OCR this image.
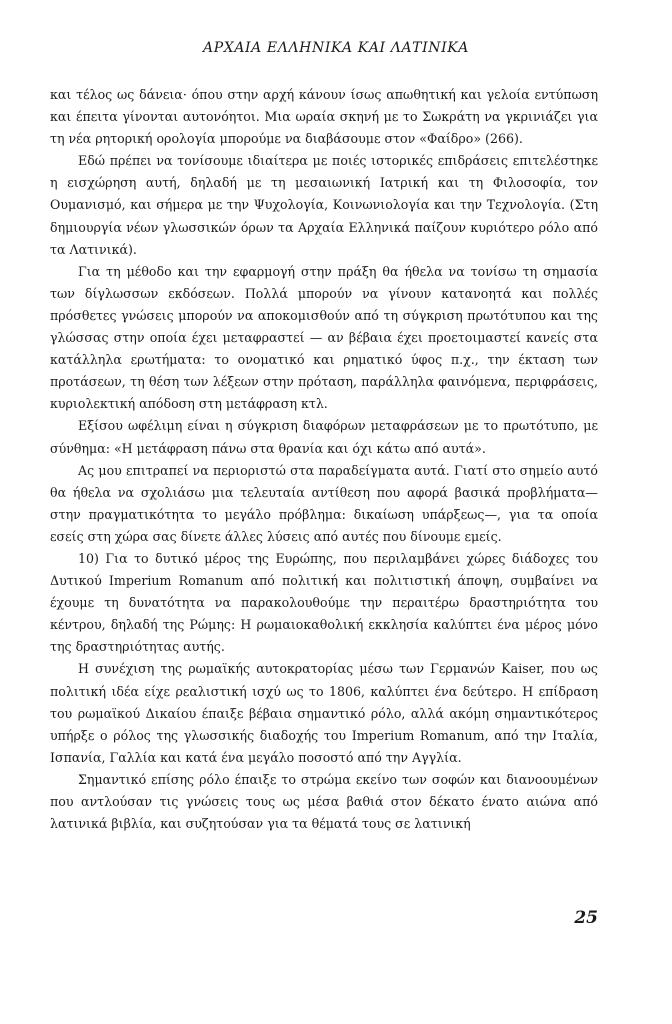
ΑΡΧΑΙΑ ΕΛΛΗΝΙΚΑ ΚΑΙ ΛΑΤΙΝΙΚΑ

και τέλος ως δάνεια· όπου στην αρχή κάνουν ίσως απωθητική και γελοία εντύπωση και έπειτα γίνονται αυτονόητοι. Μια ωραία σκηνή με το Σωκράτη να γκρινιάζει για τη νέα ρητορική ορολογία μπορούμε να διαβάσουμε στον «Φαίδρο» (266).

Εδώ πρέπει να τονίσουμε ιδιαίτερα με ποιές ιστορικές επιδράσεις επιτελέστηκε η εισχώρηση αυτή, δηλαδή με τη μεσαιωνική Ιατρική και τη Φιλοσοφία, τον Ουμανισμό, και σήμερα με την Ψυχολογία, Κοινωνιολογία και την Τεχνολογία. (Στη δημιουργία νέων γλωσσικών όρων τα Αρχαία Ελληνικά παίζουν κυριότερο ρόλο από τα Λατινικά).

Για τη μέθοδο και την εφαρμογή στην πράξη θα ήθελα να τονίσω τη σημασία των δίγλωσσων εκδόσεων. Πολλά μπορούν να γίνουν κατανοητά και πολλές πρόσθετες γνώσεις μπορούν να αποκομισθούν από τη σύγκριση πρωτότυπου και της γλώσσας στην οποία έχει μεταφραστεί — αν βέβαια έχει προετοιμαστεί κανείς στα κατάλληλα ερωτήματα: το ονοματικό και ρηματικό ύφος π.χ., την έκταση των προτάσεων, τη θέση των λέξεων στην πρόταση, παράλληλα φαινόμενα, περιφράσεις, κυριολεκτική απόδοση στη μετάφραση κτλ.

Εξίσου ωφέλιμη είναι η σύγκριση διαφόρων μεταφράσεων με το πρωτότυπο, με σύνθημα: «Η μετάφραση πάνω στα θρανία και όχι κάτω από αυτά».

Ας μου επιτραπεί να περιοριστώ στα παραδείγματα αυτά. Γιατί στο σημείο αυτό θα ήθελα να σχολιάσω μια τελευταία αντίθεση που αφορά βασικά προβλήματα— στην πραγματικότητα το μεγάλο πρόβλημα: δικαίωση υπάρξεως—, για τα οποία εσείς στη χώρα σας δίνετε άλλες λύσεις από αυτές που δίνουμε εμείς.

10) Για το δυτικό μέρος της Ευρώπης, που περιλαμβάνει χώρες διάδοχες του Δυτικού Imperium Romanum από πολιτική και πολιτιστική άποψη, συμβαίνει να έχουμε τη δυνατότητα να παρακολουθούμε την περαιτέρω δραστηριότητα του κέντρου, δηλαδή της Ρώμης: Η ρωμαιοκαθολική εκκλησία καλύπτει ένα μέρος μόνο της δραστηριότητας αυτής.

Η συνέχιση της ρωμαϊκής αυτοκρατορίας μέσω των Γερμανών Kaiser, που ως πολιτική ιδέα είχε ρεαλιστική ισχύ ως το 1806, καλύπτει ένα δεύτερο. Η επίδραση του ρωμαϊκού Δικαίου έπαιξε βέβαια σημαντικό ρόλο, αλλά ακόμη σημαντικότερος υπήρξε ο ρόλος της γλωσσικής διαδοχής του Imperium Romanum, από την Ιταλία, Ισπανία, Γαλλία και κατά ένα μεγάλο ποσοστό από την Αγγλία.

Σημαντικό επίσης ρόλο έπαιξε το στρώμα εκείνο των σοφών και διανοουμένων που αντλούσαν τις γνώσεις τους ως μέσα βαθιά στον δέκατο ένατο αιώνα από λατινικά βιβλία, και συζητούσαν για τα θέματά τους σε λατινική

25
